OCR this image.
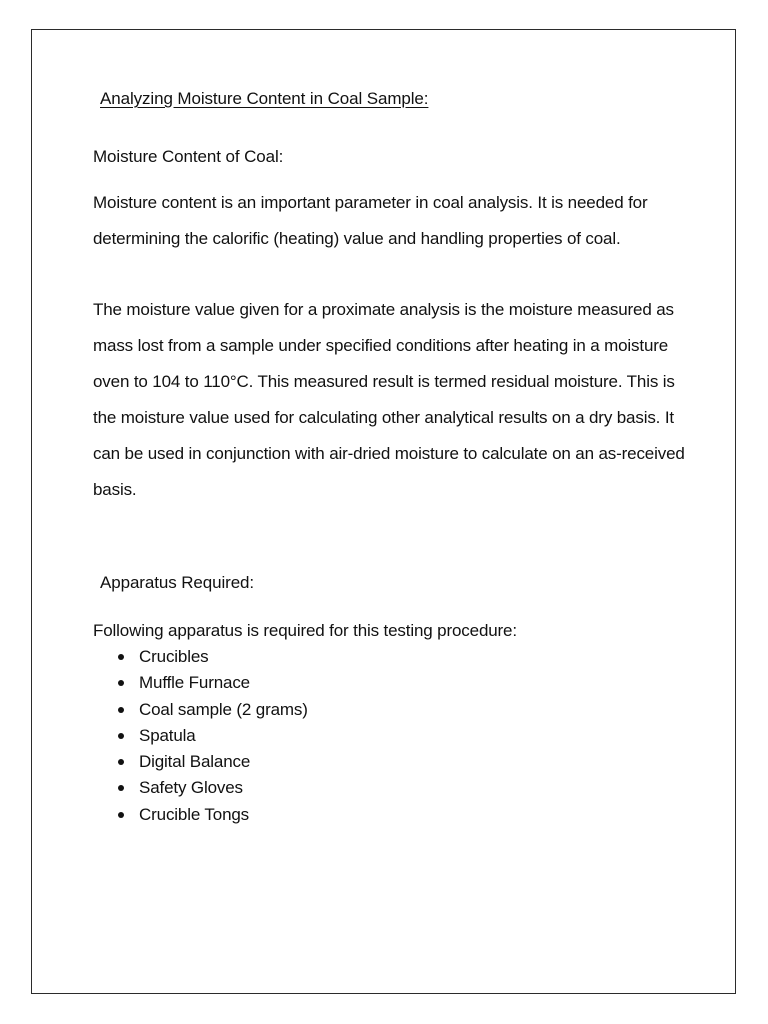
Analyzing Moisture Content in Coal Sample:
Moisture Content of Coal:

Moisture content is an important parameter in coal analysis. It is needed for determining the calorific (heating) value and handling properties of coal.

The moisture value given for a proximate analysis is the moisture measured as mass lost from a sample under specified conditions after heating in a moisture oven to 104 to 110°C. This measured result is termed residual moisture. This is the moisture value used for calculating other analytical results on a dry basis. It can be used in conjunction with air-dried moisture to calculate on an as-received basis.

Apparatus Required:

Following apparatus is required for this testing procedure:

Crucibles
Muffle Furnace
Coal sample (2 grams)
Spatula
Digital Balance
Safety Gloves
Crucible Tongs
